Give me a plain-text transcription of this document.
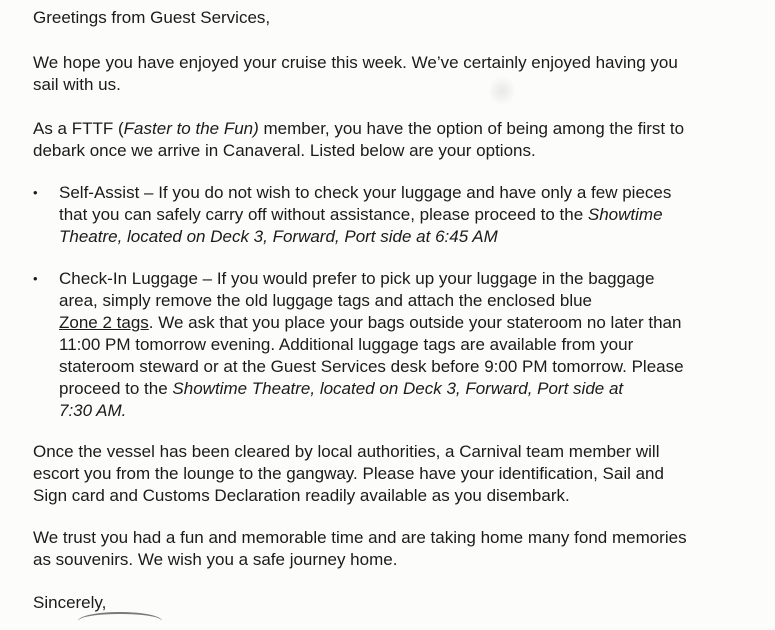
Greetings from Guest Services,

We hope you have enjoyed your cruise this week. We’ve certainly enjoyed having you
sail with us.

As a FTTF (Faster to the Fun) member, you have the option of being among the first to
debark once we arrive in Canaveral. Listed below are your options.

•	Self-Assist – If you do not wish to check your luggage and have only a few pieces
that you can safely carry off without assistance, please proceed to the Showtime
Theatre, located on Deck 3, Forward, Port side at 6:45 AM
•	Check-In Luggage – If you would prefer to pick up your luggage in the baggage
area, simply remove the old luggage tags and attach the enclosed blue
Zone 2 tags. We ask that you place your bags outside your stateroom no later than
11:00 PM tomorrow evening. Additional luggage tags are available from your
stateroom steward or at the Guest Services desk before 9:00 PM tomorrow. Please
proceed to the Showtime Theatre, located on Deck 3, Forward, Port side at
7:30 AM.

Once the vessel has been cleared by local authorities, a Carnival team member will
escort you from the lounge to the gangway. Please have your identification, Sail and
Sign card and Customs Declaration readily available as you disembark.

We trust you had a fun and memorable time and are taking home many fond memories
as souvenirs. We wish you a safe journey home.

Sincerely,
